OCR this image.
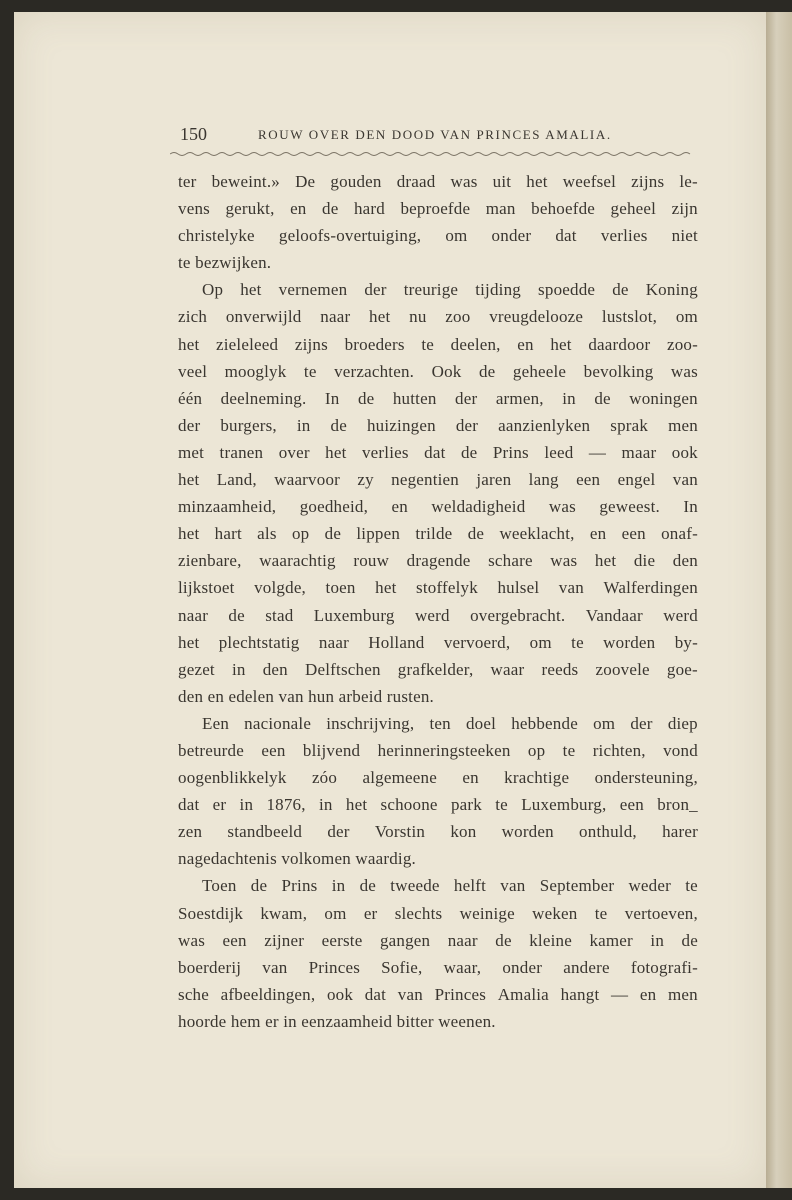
150	ROUW OVER DEN DOOD VAN PRINCES AMALIA.
ter beweint.» De gouden draad was uit het weefsel zijns le-
vens gerukt, en de hard beproefde man behoefde geheel zijn
christelyke geloofs-overtuiging, om onder dat verlies niet
te bezwijken.
Op het vernemen der treurige tijding spoedde de Koning
zich onverwijld naar het nu zoo vreugdelooze lustslot, om
het zieleleed zijns broeders te deelen, en het daardoor zoo-
veel mooglyk te verzachten. Ook de geheele bevolking was
één deelneming. In de hutten der armen, in de woningen
der burgers, in de huizingen der aanzienlyken sprak men
met tranen over het verlies dat de Prins leed — maar ook
het Land, waarvoor zy negentien jaren lang een engel van
minzaamheid, goedheid, en weldadigheid was geweest. In
het hart als op de lippen trilde de weeklacht, en een onaf-
zienbare, waarachtig rouw dragende schare was het die den
lijkstoet volgde, toen het stoffelyk hulsel van Walferdingen
naar de stad Luxemburg werd overgebracht. Vandaar werd
het plechtstatig naar Holland vervoerd, om te worden by-
gezet in den Delftschen grafkelder, waar reeds zoovele goe-
den en edelen van hun arbeid rusten.
Een nacionale inschrijving, ten doel hebbende om der diep
betreurde een blijvend herinneringsteeken op te richten, vond
oogenblikkelyk zóo algemeene en krachtige ondersteuning,
dat er in 1876, in het schoone park te Luxemburg, een bron_
zen standbeeld der Vorstin kon worden onthuld, harer
nagedachtenis volkomen waardig.
Toen de Prins in de tweede helft van September weder te
Soestdijk kwam, om er slechts weinige weken te vertoeven,
was een zijner eerste gangen naar de kleine kamer in de
boerderij van Princes Sofie, waar, onder andere fotografi-
sche afbeeldingen, ook dat van Princes Amalia hangt — en men
hoorde hem er in eenzaamheid bitter weenen.
